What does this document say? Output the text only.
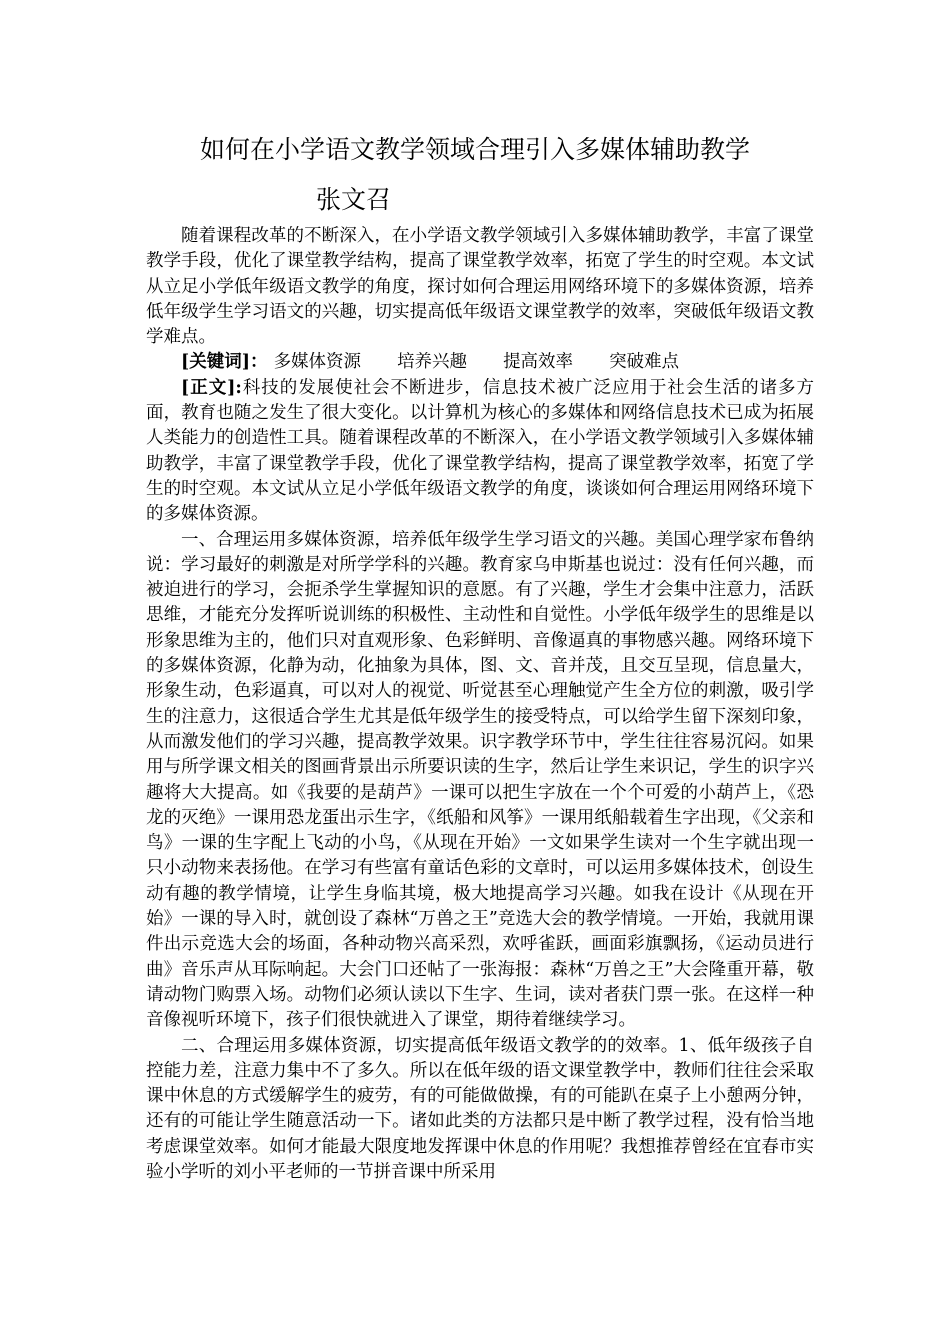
如何在小学语文教学领域合理引入多媒体辅助教学
张文召

随着课程改革的不断深入，在小学语文教学领域引入多媒体辅助教学，丰富了课堂教学手段，优化了课堂教学结构，提高了课堂教学效率，拓宽了学生的时空观。本文试从立足小学低年级语文教学的角度，探讨如何合理运用网络环境下的多媒体资源，培养低年级学生学习语文的兴趣，切实提高低年级语文课堂教学的效率，突破低年级语文教学难点。

[关键词]： 多媒体资源 培养兴趣 提高效率 突破难点

[正文]:科技的发展使社会不断进步，信息技术被广泛应用于社会生活的诸多方面，教育也随之发生了很大变化。以计算机为核心的多媒体和网络信息技术已成为拓展人类能力的创造性工具。随着课程改革的不断深入，在小学语文教学领域引入多媒体辅助教学，丰富了课堂教学手段，优化了课堂教学结构，提高了课堂教学效率，拓宽了学生的时空观。本文试从立足小学低年级语文教学的角度，谈谈如何合理运用网络环境下的多媒体资源。

一、合理运用多媒体资源，培养低年级学生学习语文的兴趣。美国心理学家布鲁纳说：学习最好的刺激是对所学学科的兴趣。教育家乌申斯基也说过：没有任何兴趣，而被迫进行的学习，会扼杀学生掌握知识的意愿。有了兴趣，学生才会集中注意力，活跃思维，才能充分发挥听说训练的积极性、主动性和自觉性。小学低年级学生的思维是以形象思维为主的，他们只对直观形象、色彩鲜明、音像逼真的事物感兴趣。网络环境下的多媒体资源，化静为动，化抽象为具体，图、文、音并茂，且交互呈现，信息量大，形象生动，色彩逼真，可以对人的视觉、听觉甚至心理触觉产生全方位的刺激，吸引学生的注意力，这很适合学生尤其是低年级学生的接受特点，可以给学生留下深刻印象，从而激发他们的学习兴趣，提高教学效果。识字教学环节中，学生往往容易沉闷。如果用与所学课文相关的图画背景出示所要识读的生字，然后让学生来识记，学生的识字兴趣将大大提高。如《我要的是葫芦》一课可以把生字放在一个个可爱的小葫芦上，《恐龙的灭绝》一课用恐龙蛋出示生字，《纸船和风筝》一课用纸船载着生字出现，《父亲和鸟》一课的生字配上飞动的小鸟，《从现在开始》一文如果学生读对一个生字就出现一只小动物来表扬他。在学习有些富有童话色彩的文章时，可以运用多媒体技术，创设生动有趣的教学情境，让学生身临其境，极大地提高学习兴趣。如我在设计《从现在开始》一课的导入时，就创设了森林“万兽之王”竞选大会的教学情境。一开始，我就用课件出示竞选大会的场面，各种动物兴高采烈，欢呼雀跃，画面彩旗飘扬，《运动员进行曲》音乐声从耳际响起。大会门口还帖了一张海报：森林“万兽之王”大会隆重开幕，敬请动物门购票入场。动物们必须认读以下生字、生词，读对者获门票一张。在这样一种音像视听环境下，孩子们很快就进入了课堂，期待着继续学习。

二、合理运用多媒体资源，切实提高低年级语文教学的的效率。1、低年级孩子自控能力差，注意力集中不了多久。所以在低年级的语文课堂教学中，教师们往往会采取课中休息的方式缓解学生的疲劳，有的可能做做操，有的可能趴在桌子上小憩两分钟，还有的可能让学生随意活动一下。诸如此类的方法都只是中断了教学过程，没有恰当地考虑课堂效率。如何才能最大限度地发挥课中休息的作用呢？我想推荐曾经在宜春市实验小学听的刘小平老师的一节拼音课中所采用
